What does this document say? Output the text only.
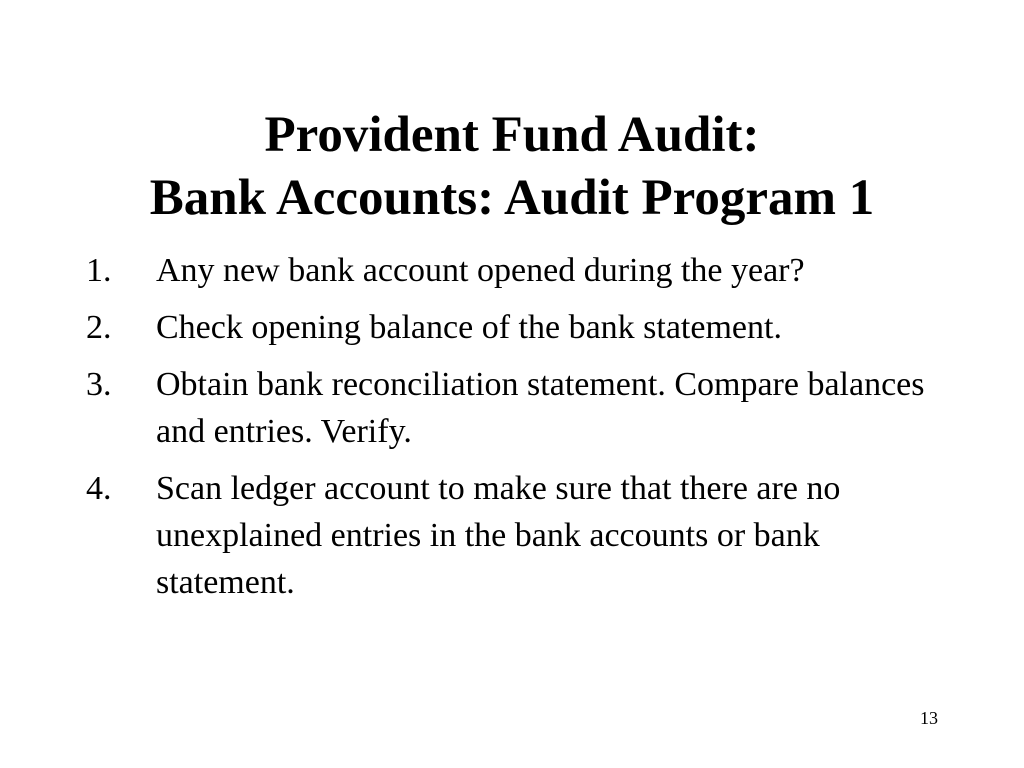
Provident Fund Audit:
Bank Accounts: Audit Program 1
1. Any new bank account opened during the year?
2. Check opening balance of the bank statement.
3. Obtain bank reconciliation statement. Compare balances and entries. Verify.
4. Scan ledger account to make sure that there are no unexplained entries in the bank accounts or bank statement.
13
